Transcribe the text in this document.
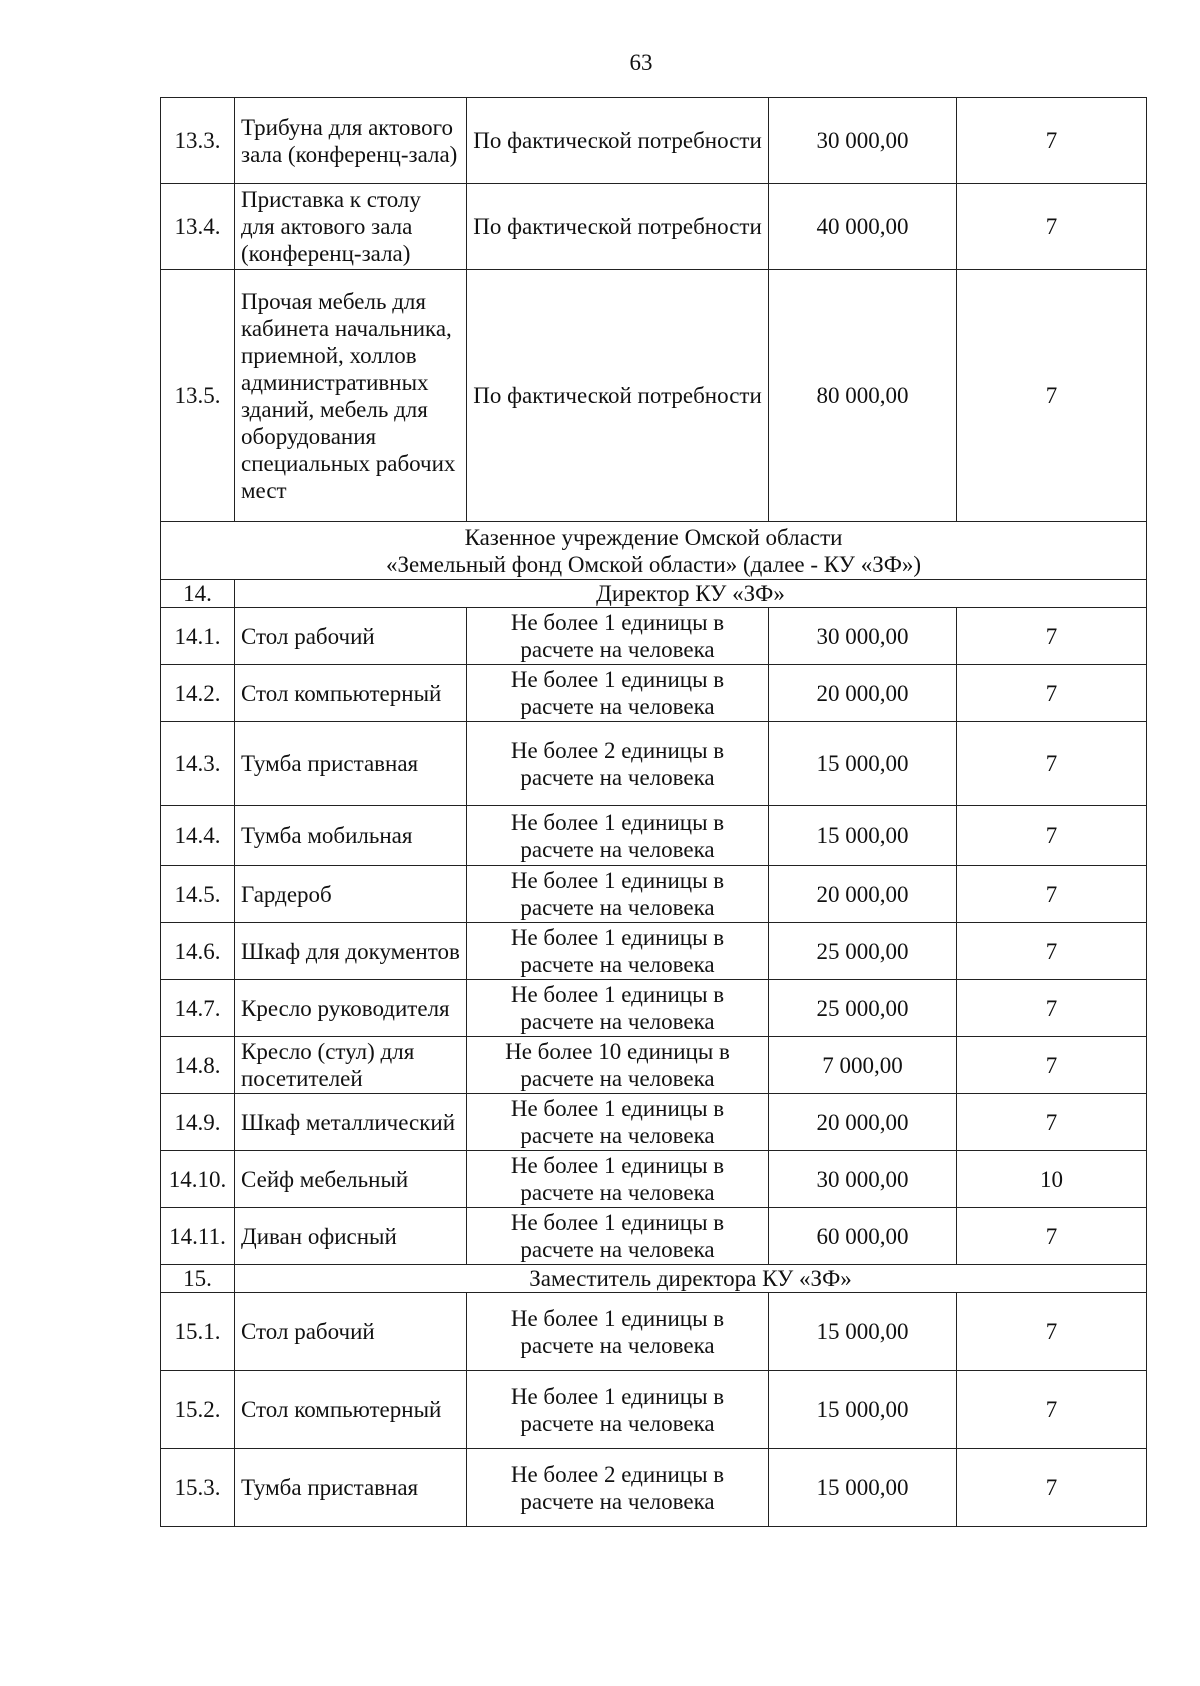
63
13.3.	Трибуна для актового зала (конференц-зала)	По фактической потребности	30 000,00	7
13.4.	Приставка к столу для актового зала (конференц-зала)	По фактической потребности	40 000,00	7
13.5.	Прочая мебель для кабинета начальника, приемной, холлов административных зданий, мебель для оборудования специальных рабочих мест	По фактической потребности	80 000,00	7

Казенное учреждение Омской области
«Земельный фонд Омской области» (далее - КУ «ЗФ»)				

14.	Директор КУ «ЗФ»			
14.1.	Стол рабочий	Не более 1 единицы в расчете на человека	30 000,00	7
14.2.	Стол компьютерный	Не более 1 единицы в расчете на человека	20 000,00	7
14.3.	Тумба приставная	Не более 2 единицы в расчете на человека	15 000,00	7
14.4.	Тумба мобильная	Не более 1 единицы в расчете на человека	15 000,00	7
14.5.	Гардероб	Не более 1 единицы в расчете на человека	20 000,00	7
14.6.	Шкаф для документов	Не более 1 единицы в расчете на человека	25 000,00	7
14.7.	Кресло руководителя	Не более 1 единицы в расчете на человека	25 000,00	7
14.8.	Кресло (стул) для посетителей	Не более 10 единицы в расчете на человека	7 000,00	7
14.9.	Шкаф металлический	Не более 1 единицы в расчете на человека	20 000,00	7
14.10.	Сейф мебельный	Не более 1 единицы в расчете на человека	30 000,00	10
14.11.	Диван офисный	Не более 1 единицы в расчете на человека	60 000,00	7
15.	Заместитель директора КУ «ЗФ»			
15.1.	Стол рабочий	Не более 1 единицы в расчете на человека	15 000,00	7
15.2.	Стол компьютерный	Не более 1 единицы в расчете на человека	15 000,00	7
15.3.	Тумба приставная	Не более 2 единицы в расчете на человека	15 000,00	7
